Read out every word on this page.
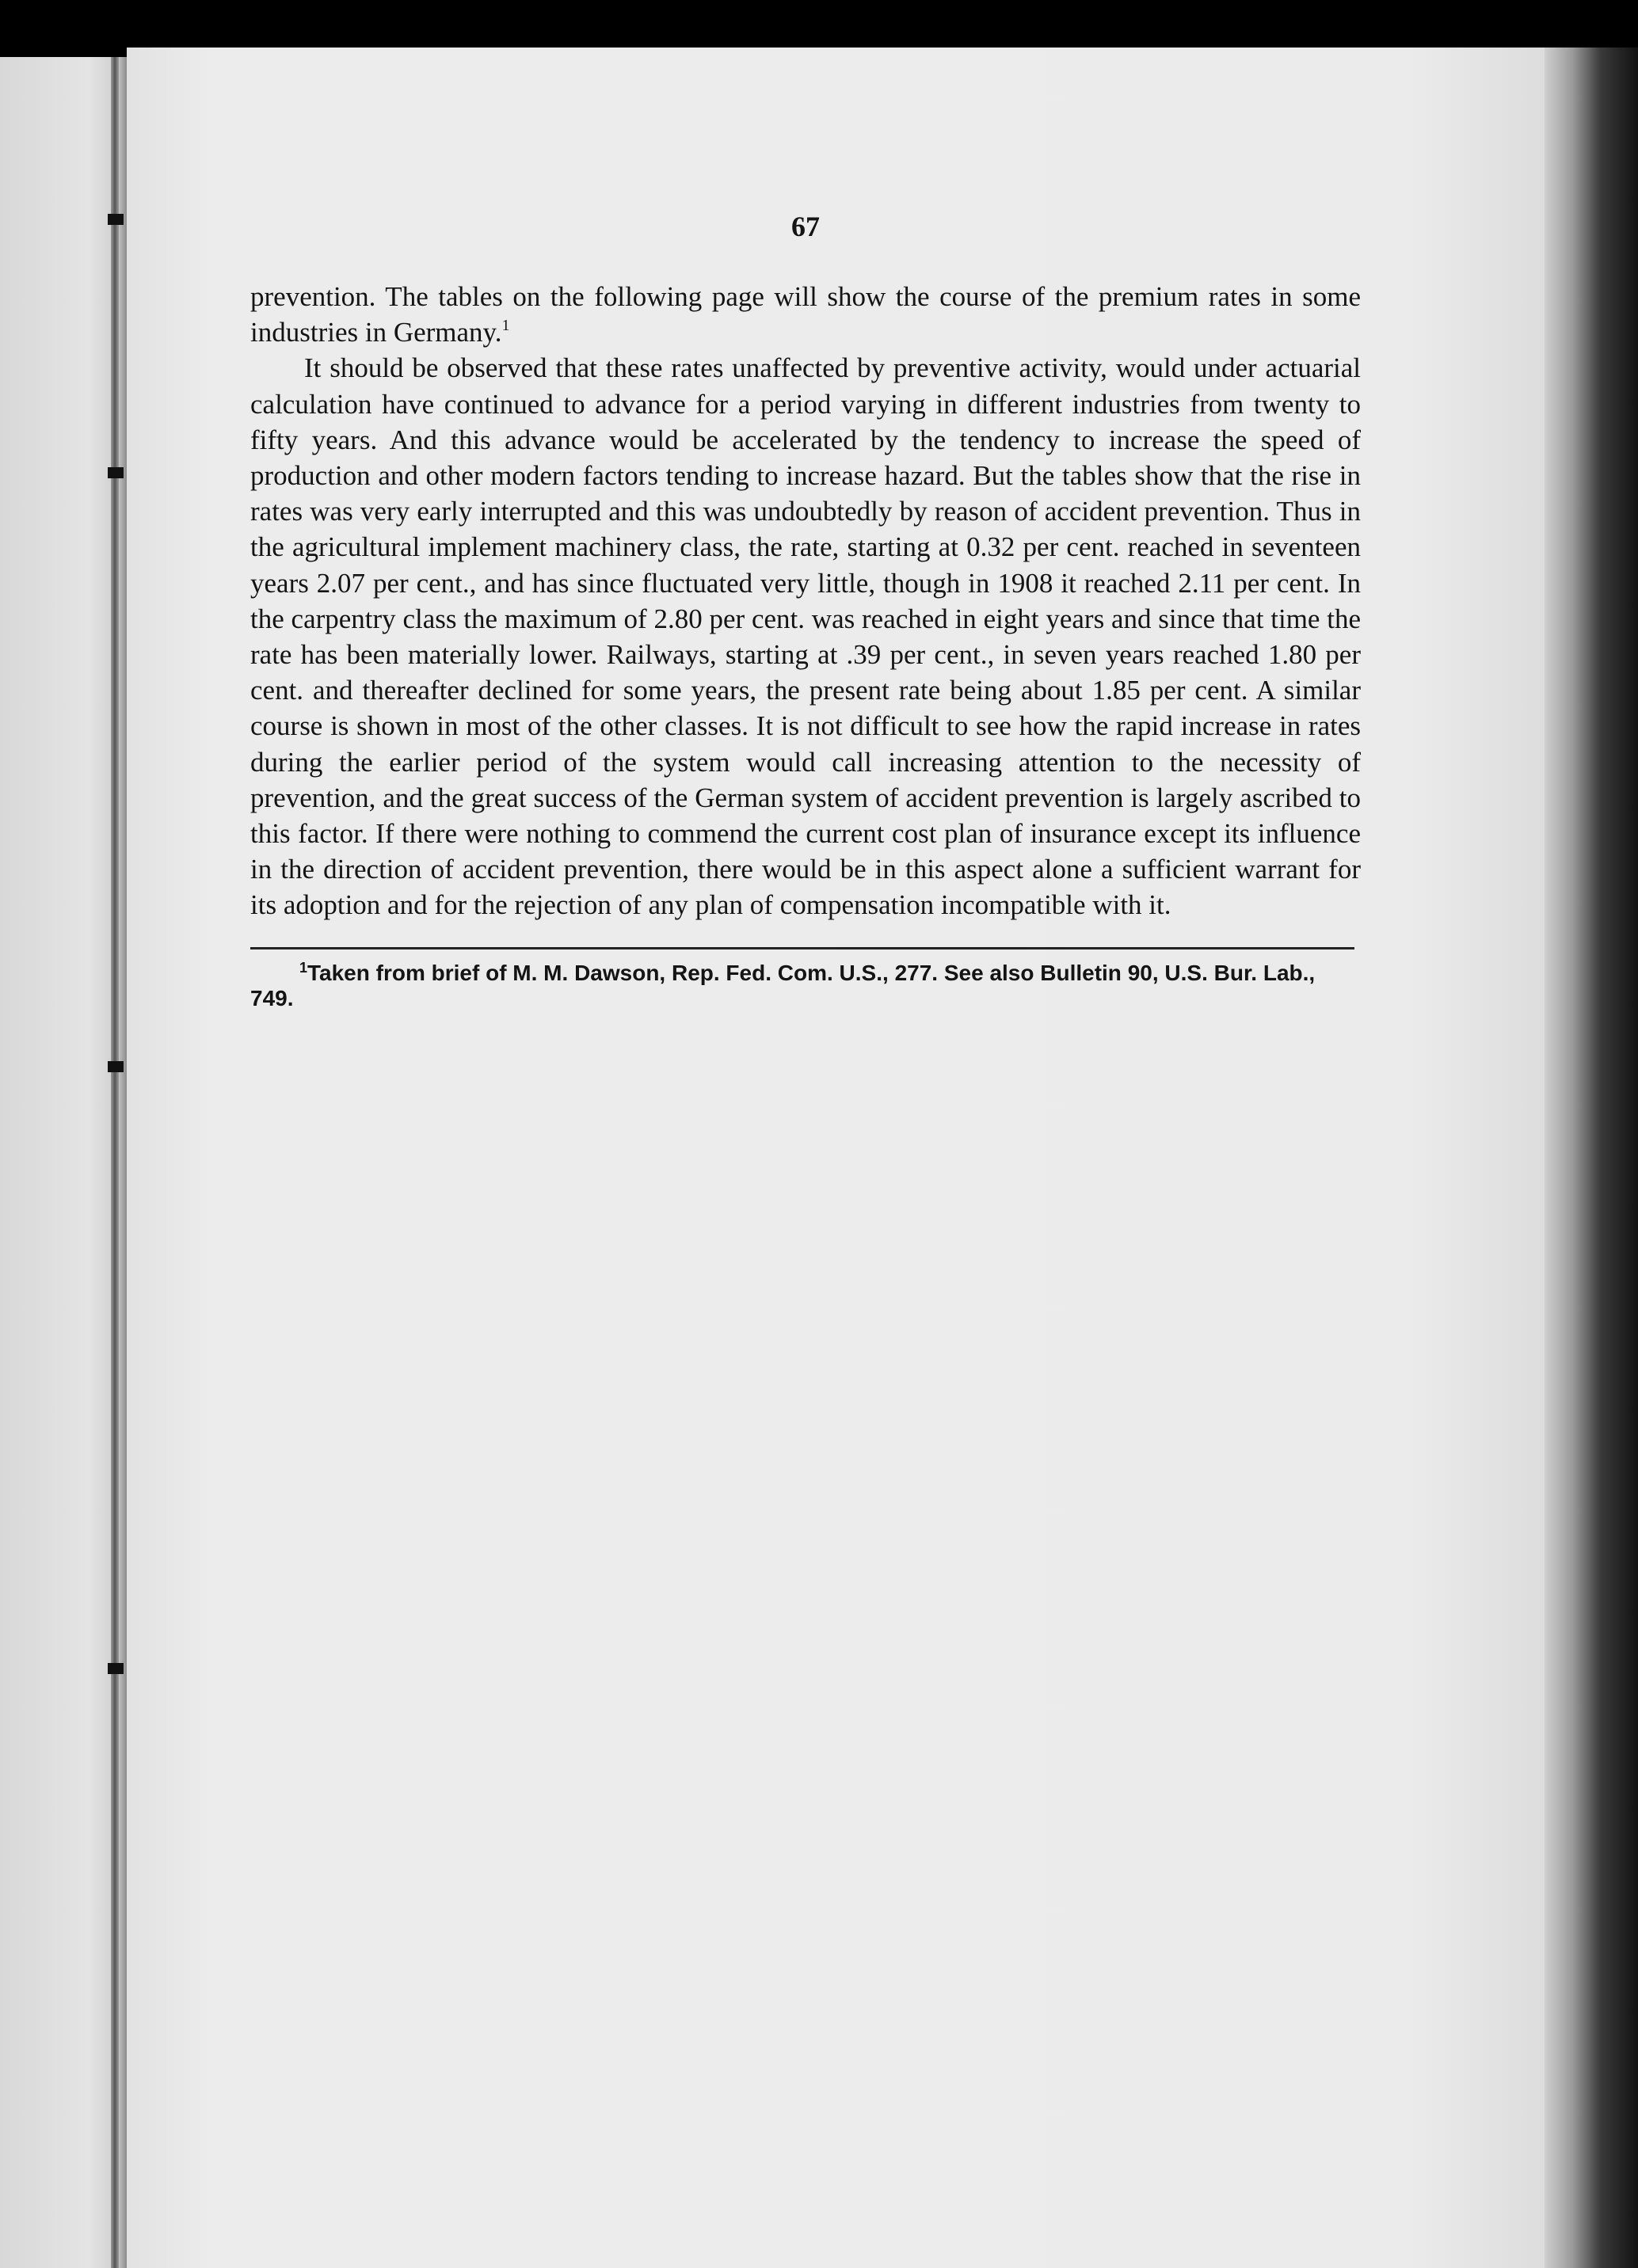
67

prevention. The tables on the following page will show the course of the premium rates in some industries in Germany.$^1$

It should be observed that these rates unaffected by preventive activity, would under actuarial calculation have continued to advance for a period varying in different industries from twenty to fifty years. And this advance would be accelerated by the tendency to increase the speed of production and other modern factors tending to increase hazard. But the tables show that the rise in rates was very early interrupted and this was undoubtedly by reason of accident prevention. Thus in the agricultural implement machinery class, the rate, starting at 0.32 per cent. reached in seventeen years 2.07 per cent., and has since fluctuated very little, though in 1908 it reached 2.11 per cent. In the carpentry class the maximum of 2.80 per cent. was reached in eight years and since that time the rate has been materially lower. Railways, starting at .39 per cent., in seven years reached 1.80 per cent. and thereafter declined for some years, the present rate being about 1.85 per cent. A similar course is shown in most of the other classes. It is not difficult to see how the rapid increase in rates during the earlier period of the system would call increasing attention to the necessity of prevention, and the great success of the German system of accident prevention is largely ascribed to this factor. If there were nothing to commend the current cost plan of insurance except its influence in the direction of accident prevention, there would be in this aspect alone a sufficient warrant for its adoption and for the rejection of any plan of compensation incompatible with it.

$^1$Taken from brief of M. M. Dawson, Rep. Fed. Com. U.S., 277. See also Bulletin 90, U.S. Bur. Lab., 749.
